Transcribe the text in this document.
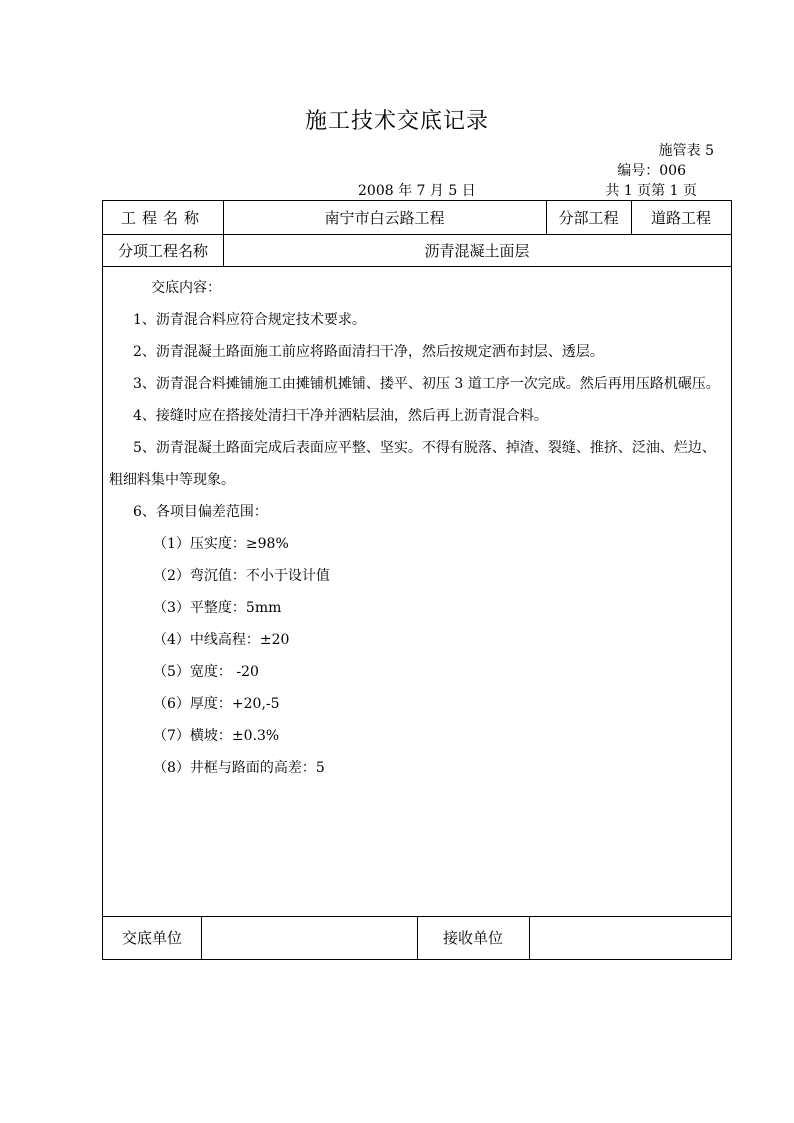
施工技术交底记录
施管表 5
编号：006
2008 年 7 月 5 日	共 1 页第 1 页
工程名称	南宁市白云路工程	分部工程	道路工程
分项工程名称	沥青混凝土面层
交底内容：
1、沥青混合料应符合规定技术要求。
2、沥青混凝土路面施工前应将路面清扫干净，然后按规定洒布封层、透层。
3、沥青混合料摊铺施工由摊铺机摊铺、搂平、初压 3 道工序一次完成。然后再用压路机碾压。
4、接缝时应在搭接处清扫干净并洒粘层油，然后再上沥青混合料。
5、沥青混凝土路面完成后表面应平整、坚实。不得有脱落、掉渣、裂缝、推挤、泛油、烂边、
粗细料集中等现象。
6、各项目偏差范围：
（1）压实度：≥98%
（2）弯沉值：不小于设计值
（3）平整度：5mm
（4）中线高程：±20
（5）宽度： -20
（6）厚度：+20,-5
（7）横坡：±0.3%
（8）井框与路面的高差：5
交底单位	接收单位
